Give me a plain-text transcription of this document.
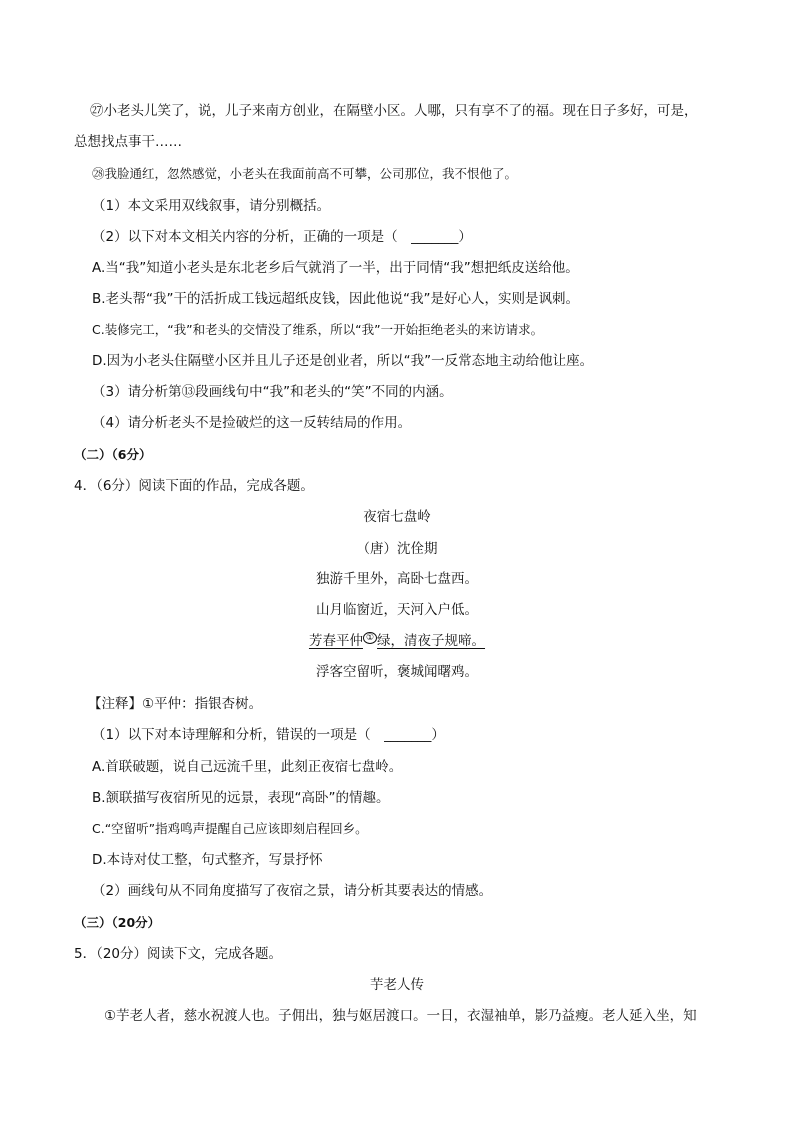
㉗小老头儿笑了，说，儿子来南方创业，在隔壁小区。人哪，只有享不了的福。现在日子多好，可是，
总想找点事干……
㉘我脸通红，忽然感觉，小老头在我面前高不可攀，公司那位，我不恨他了。
（1）本文采用双线叙事，请分别概括。
（2）以下对本文相关内容的分析，正确的一项是（　_______）
A.当“我”知道小老头是东北老乡后气就消了一半，出于同情“我”想把纸皮送给他。
B.老头帮“我”干的活折成工钱远超纸皮钱，因此他说“我”是好心人，实则是讽刺。
C.装修完工，“我”和老头的交情没了维系，所以“我”一开始拒绝老头的来访请求。
D.因为小老头住隔壁小区并且儿子还是创业者，所以“我”一反常态地主动给他让座。
（3）请分析第⑬段画线句中“我”和老头的“笑”不同的内涵。
（4）请分析老头不是捡破烂的这一反转结局的作用。
（二）（6分）
4．（6分）阅读下面的作品，完成各题。
夜宿七盘岭
（唐）沈佺期
独游千里外，高卧七盘西。
山月临窗近，天河入户低。
芳春平仲 ① 绿，清夜子规啼。
浮客空留听，褒城闻曙鸡。
【注释】①平仲：指银杏树。
（1）以下对本诗理解和分析，错误的一项是（　_______）
A.首联破题，说自己远流千里，此刻正夜宿七盘岭。
B.颔联描写夜宿所见的远景，表现“高卧”的情趣。
C.“空留听”指鸡鸣声提醒自己应该即刻启程回乡。
D.本诗对仗工整，句式整齐，写景抒怀
（2）画线句从不同角度描写了夜宿之景，请分析其要表达的情感。
（三）（20分）
5．（20分）阅读下文，完成各题。
芋老人传
①芋老人者，慈水祝渡人也。子佣出，独与妪居渡口。一日，衣湿袖单，影乃益瘦。老人延入坐，知
